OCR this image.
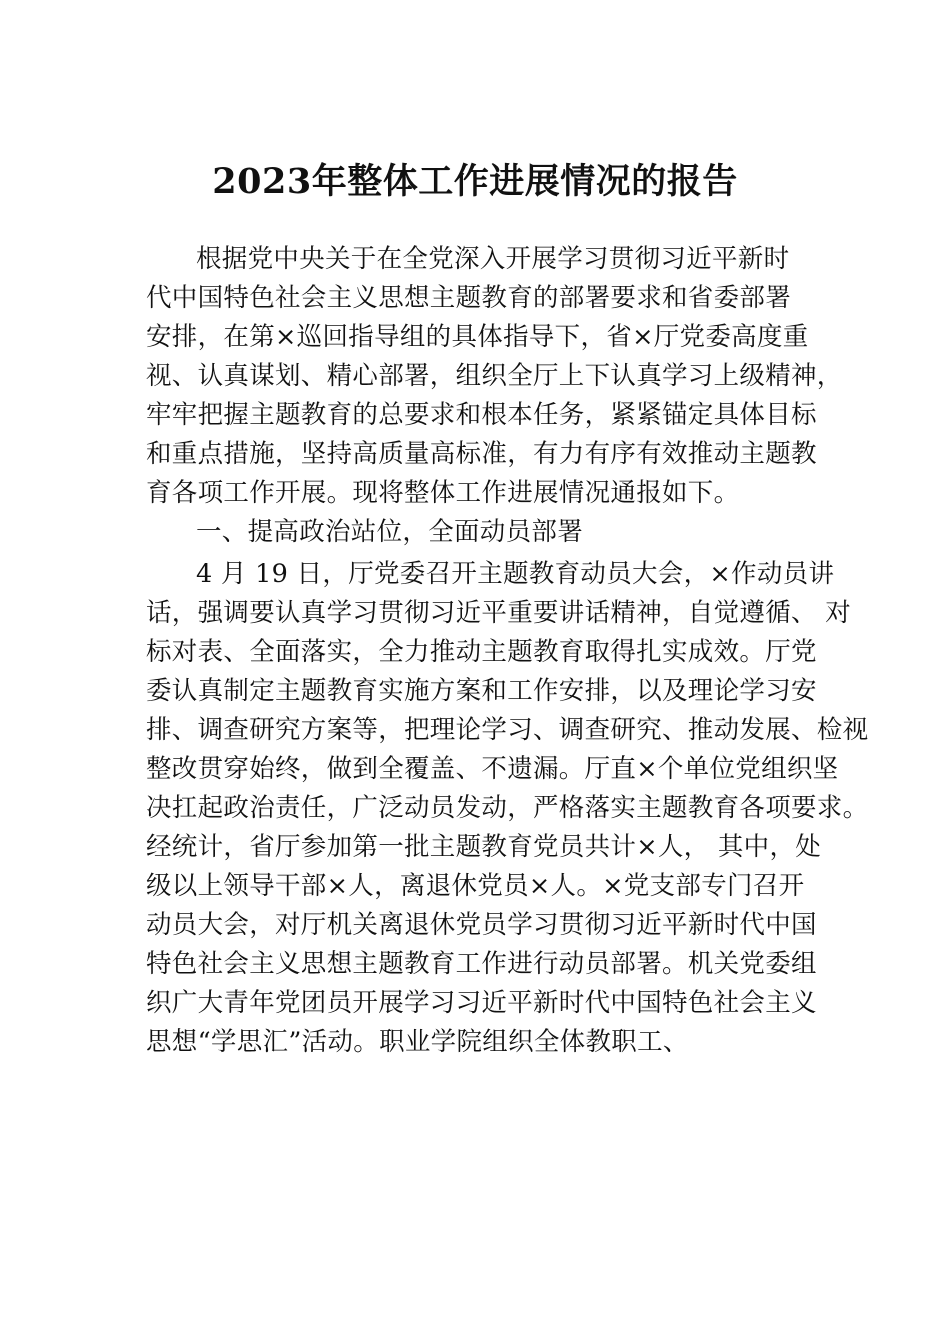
2023年整体工作进展情况的报告
根据党中央关于在全党深入开展学习贯彻习近平新时
代中国特色社会主义思想主题教育的部署要求和省委部署
安排，在第×巡回指导组的具体指导下，省×厅党委高度重
视、认真谋划、精心部署，组织全厅上下认真学习上级精神，
牢牢把握主题教育的总要求和根本任务，紧紧锚定具体目标
和重点措施，坚持高质量高标准，有力有序有效推动主题教
育各项工作开展。现将整体工作进展情况通报如下。
一、提高政治站位，全面动员部署
4 月 19 日，厅党委召开主题教育动员大会，×作动员讲
话，强调要认真学习贯彻习近平重要讲话精神，自觉遵循、 对
标对表、全面落实，全力推动主题教育取得扎实成效。厅党
委认真制定主题教育实施方案和工作安排，以及理论学习安
排、调查研究方案等，把理论学习、调查研究、推动发展、检视
整改贯穿始终，做到全覆盖、不遗漏。厅直×个单位党组织坚
决扛起政治责任，广泛动员发动，严格落实主题教育各项要求。
经统计，省厅参加第一批主题教育党员共计×人， 其中，处
级以上领导干部×人，离退休党员×人。×党支部专门召开
动员大会，对厅机关离退休党员学习贯彻习近平新时代中国
特色社会主义思想主题教育工作进行动员部署。机关党委组
织广大青年党团员开展学习习近平新时代中国特色社会主义
思想“学思汇”活动。职业学院组织全体教职工、
